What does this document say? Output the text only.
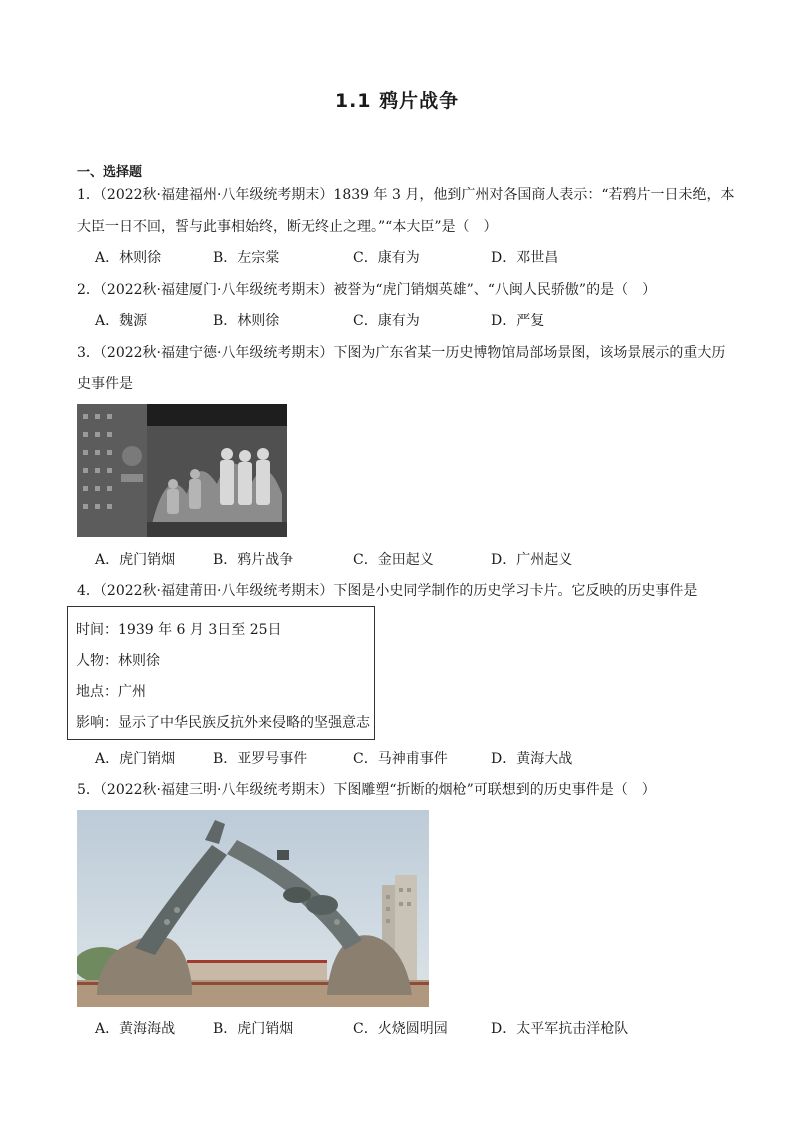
1.1 鸦片战争
一、选择题
1．（2022秋·福建福州·八年级统考期末）1839 年 3 月，他到广州对各国商人表示：“若鸦片一日未绝，本
大臣一日不回，誓与此事相始终，断无终止之理。”“本大臣”是（　）
A．林则徐	B．左宗棠	C．康有为	D．邓世昌
2．（2022秋·福建厦门·八年级统考期末）被誉为“虎门销烟英雄”、“八闽人民骄傲”的是（　）
A．魏源	B．林则徐	C．康有为	D．严复
3．（2022秋·福建宁德·八年级统考期末）下图为广东省某一历史博物馆局部场景图，该场景展示的重大历
史事件是
A．虎门销烟	B．鸦片战争	C．金田起义	D．广州起义
4．（2022秋·福建莆田·八年级统考期末）下图是小史同学制作的历史学习卡片。它反映的历史事件是
时间：1939 年 6 月 3日至 25日
人物：林则徐
地点：广州
影响：显示了中华民族反抗外来侵略的坚强意志
A．虎门销烟	B．亚罗号事件	C．马神甫事件	D．黄海大战
5．（2022秋·福建三明·八年级统考期末）下图雕塑“折断的烟枪”可联想到的历史事件是（　）
A．黄海海战	B．虎门销烟	C．火烧圆明园	D．太平军抗击洋枪队
